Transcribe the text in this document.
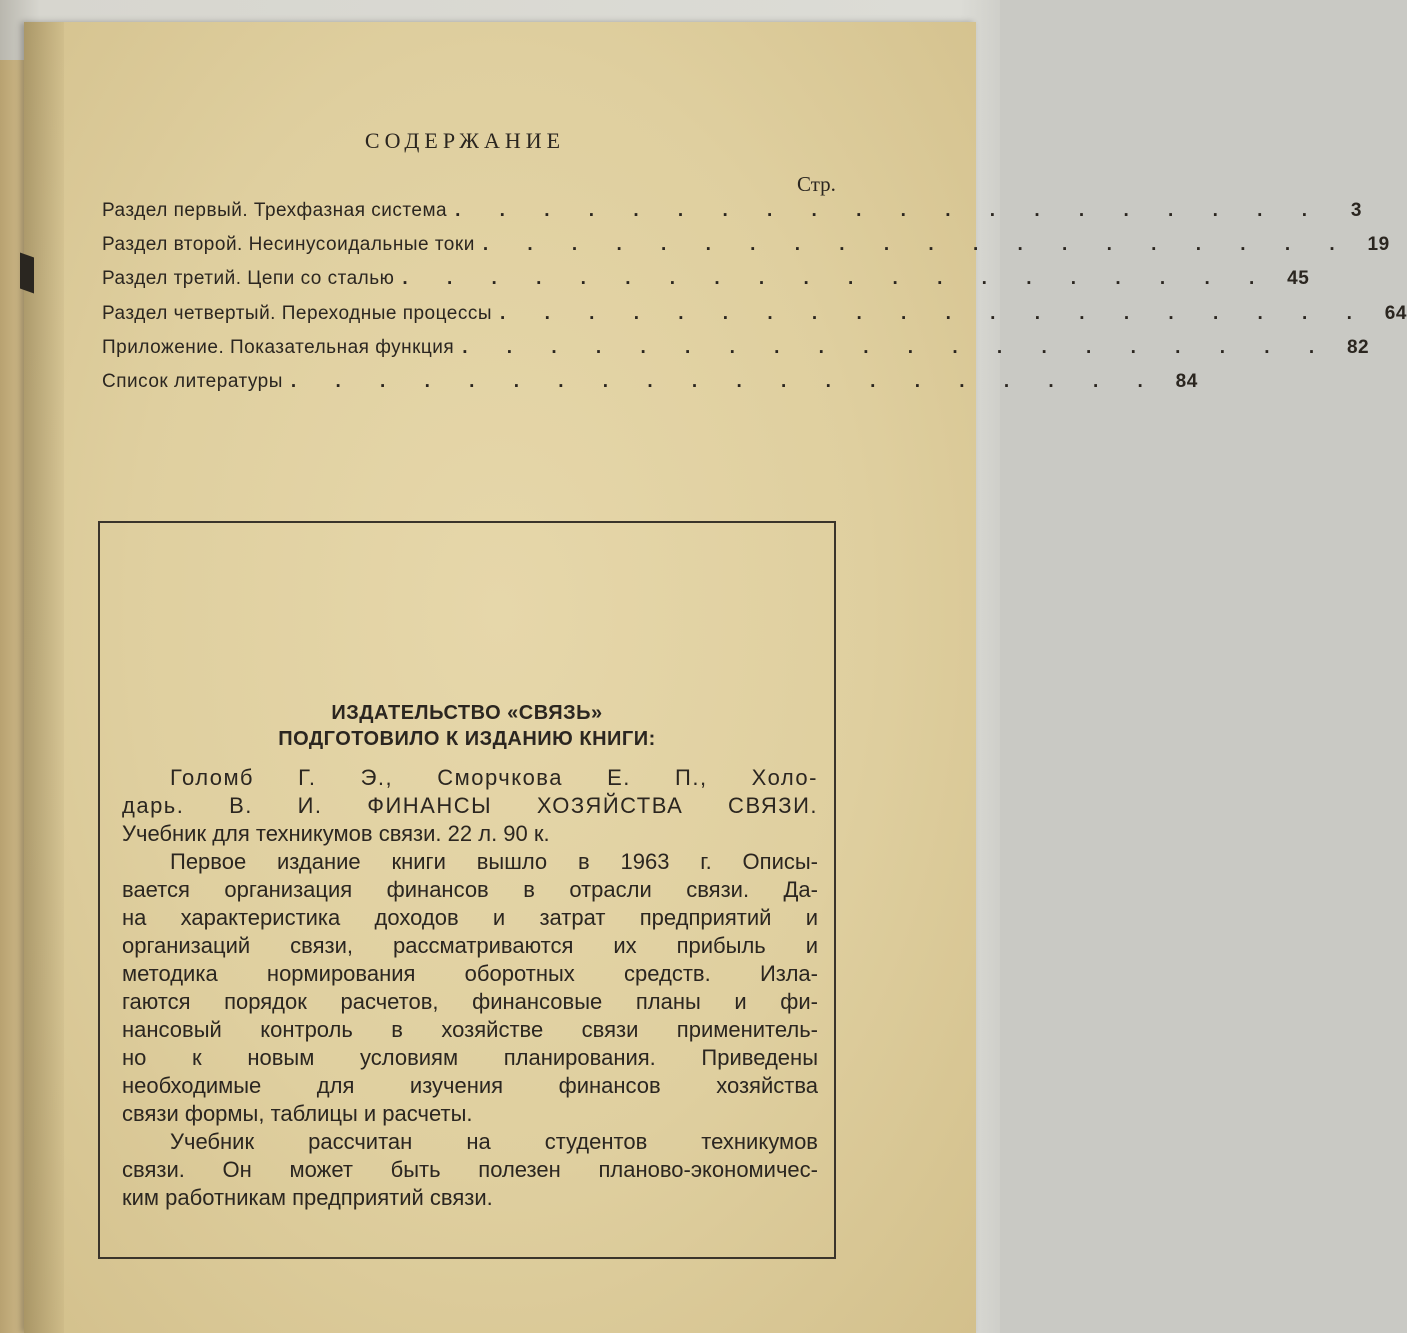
СОДЕРЖАНИЕ
Стр.
Раздел первый. Трехфазная система . . . . . . . . . . . . . . . . . . . .	3
Раздел второй. Несинусоидальные токи . . . . . . . . . . . . . . . . . . . . 19
Раздел третий. Цепи со сталью . . . . . . . . . . . . . . . . . . . . 45
Раздел четвертый. Переходные процессы . . . . . . . . . . . . . . . . . . . . 64
Приложение. Показательная функция . . . . . . . . . . . . . . . . . . . . 82
Список литературы . . . . . . . . . . . . . . . . . . . . 84
ИЗДАТЕЛЬСТВО «СВЯЗЬ»
ПОДГОТОВИЛО К ИЗДАНИЮ КНИГИ:

Голомб Г. Э., Сморчкова Е. П., Холо-

дарь. В. И. ФИНАНСЫ ХОЗЯЙСТВА СВЯЗИ.

Учебник для техникумов связи. 22 л. 90 к.

Первое издание книги вышло в 1963 г. Описы-

вается организация финансов в отрасли связи. Да-

на характеристика доходов и затрат предприятий и

организаций связи, рассматриваются их прибыль и

методика нормирования оборотных средств. Изла-

гаются порядок расчетов, финансовые планы и фи-

нансовый контроль в хозяйстве связи применитель-

но к новым условиям планирования. Приведены

необходимые для изучения финансов хозяйства

связи формы, таблицы и расчеты.

Учебник рассчитан на студентов техникумов

связи. Он может быть полезен планово-экономичес-

ким работникам предприятий связи.
